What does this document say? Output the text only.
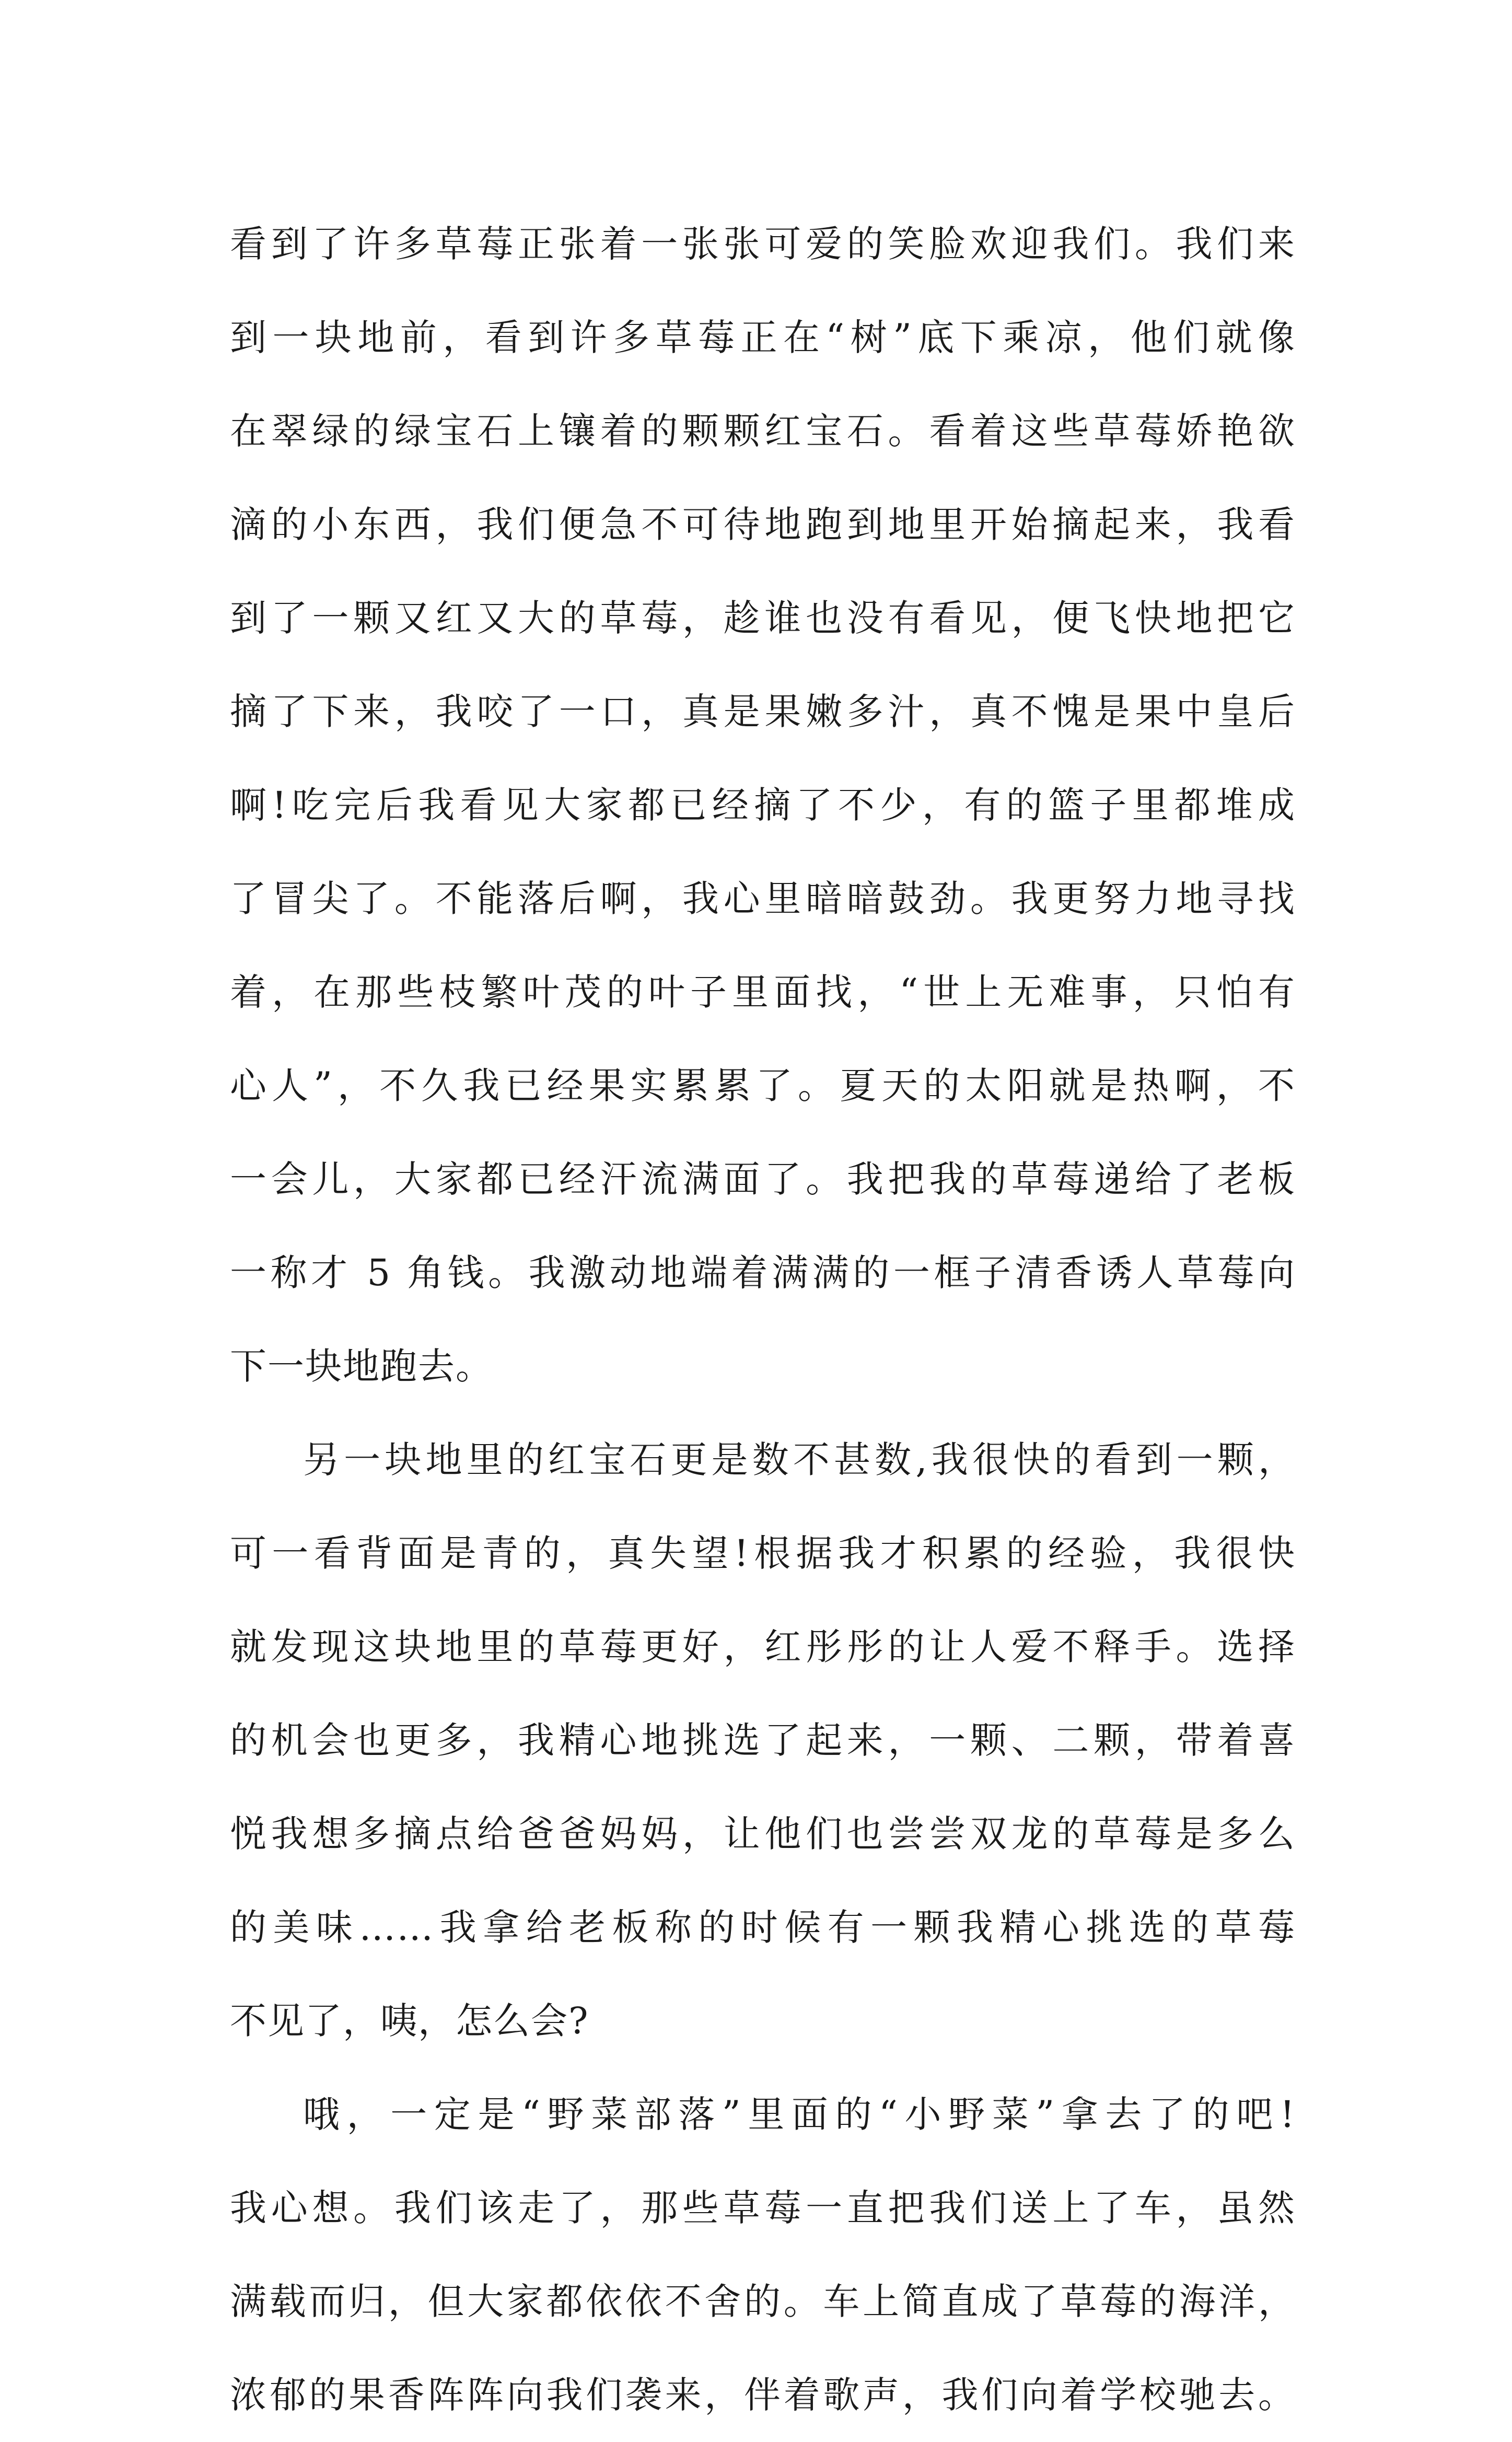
看到了许多草莓正张着一张张可爱的笑脸欢迎我们。我们来
到一块地前，看到许多草莓正在“树”底下乘凉，他们就像
在翠绿的绿宝石上镶着的颗颗红宝石。看着这些草莓娇艳欲
滴的小东西，我们便急不可待地跑到地里开始摘起来，我看
到了一颗又红又大的草莓，趁谁也没有看见，便飞快地把它
摘了下来，我咬了一口，真是果嫩多汁，真不愧是果中皇后
啊!吃完后我看见大家都已经摘了不少，有的篮子里都堆成
了冒尖了。不能落后啊，我心里暗暗鼓劲。我更努力地寻找
着，在那些枝繁叶茂的叶子里面找，“世上无难事，只怕有
心人”，不久我已经果实累累了。夏天的太阳就是热啊，不
一会儿，大家都已经汗流满面了。我把我的草莓递给了老板
一称才 5 角钱。我激动地端着满满的一框子清香诱人草莓向
下一块地跑去。
另一块地里的红宝石更是数不甚数,我很快的看到一颗，
可一看背面是青的，真失望!根据我才积累的经验，我很快
就发现这块地里的草莓更好，红彤彤的让人爱不释手。选择
的机会也更多，我精心地挑选了起来，一颗、二颗，带着喜
悦我想多摘点给爸爸妈妈，让他们也尝尝双龙的草莓是多么
的美味……我拿给老板称的时候有一颗我精心挑选的草莓
不见了，咦，怎么会?
哦，一定是“野菜部落”里面的“小野菜”拿去了的吧!
我心想。我们该走了，那些草莓一直把我们送上了车，虽然
满载而归，但大家都依依不舍的。车上简直成了草莓的海洋，
浓郁的果香阵阵向我们袭来，伴着歌声，我们向着学校驰去。
